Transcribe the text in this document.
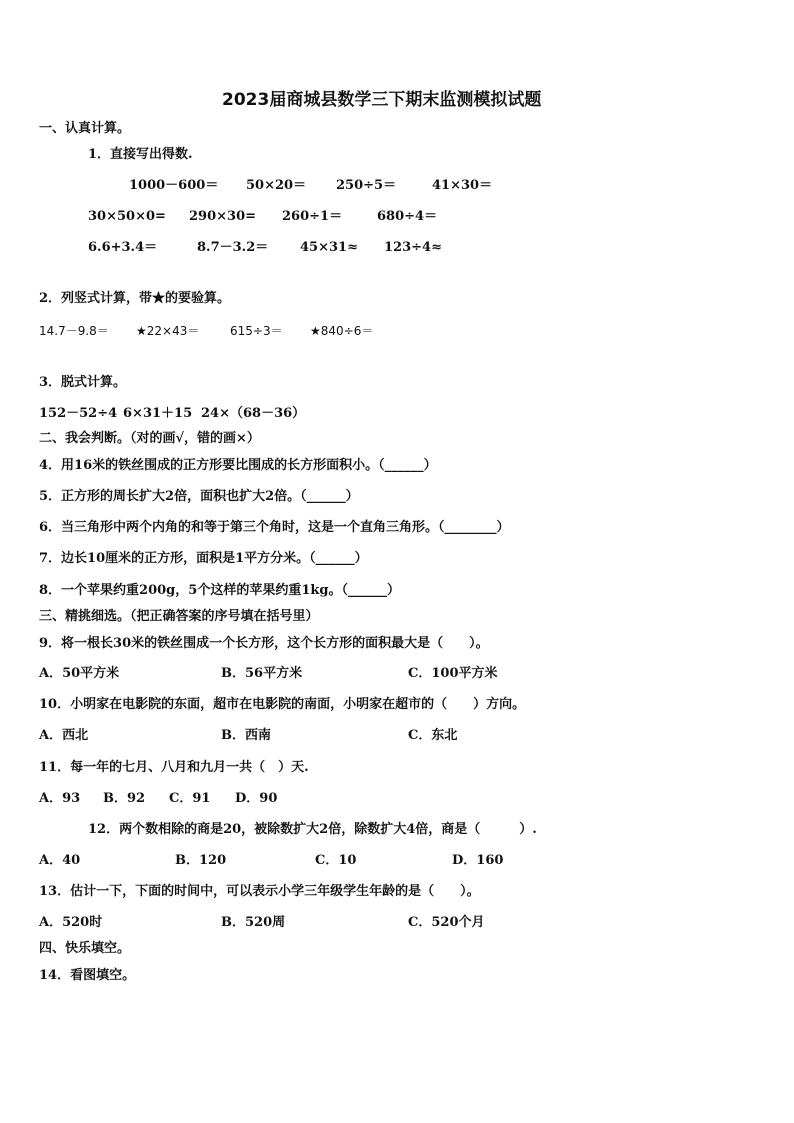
2023届商城县数学三下期末监测模拟试题
一、认真计算。
1．直接写出得数.
1000－600＝ 50×20＝ 250÷5＝	41×30＝
30×50×0= 290×30= 260÷1＝	680÷4＝
6.6+3.4＝	8.7－3.2＝ 45×31≈ 123÷4≈
2．列竖式计算，带★的要验算。
14.7－9.8＝ ★22×43＝	615÷3＝ ★840÷6＝
3．脱式计算。
152－52÷4 6×31＋15 24×（68－36）
二、我会判断。（对的画√，错的画×）
4．用16米的铁丝围成的正方形要比围成的长方形面积小。（______）
5．正方形的周长扩大2倍，面积也扩大2倍。（______）
6．当三角形中两个内角的和等于第三个角时，这是一个直角三角形。（________）
7．边长10厘米的正方形，面积是1平方分米。（______）
8．一个苹果约重200g，5个这样的苹果约重1kg。（______）
三、精挑细选。（把正确答案的序号填在括号里）
9．将一根长30米的铁丝围成一个长方形，这个长方形的面积最大是（　　）。
A．50平方米	B．56平方米	C．100平方米
10．小明家在电影院的东面，超市在电影院的南面，小明家在超市的（　　）方向。
A．西北	B．西南	C．东北
11．每一年的七月、八月和九月一共（　）天.
A．93 B．92 C．91 D．90
12．两个数相除的商是20，被除数扩大2倍，除数扩大4倍，商是（　　　）.
A．40	B．120	C．10	D．160
13．估计一下，下面的时间中，可以表示小学三年级学生年龄的是（　　）。
A．520时	B．520周	C．520个月
四、快乐填空。
14．看图填空。
